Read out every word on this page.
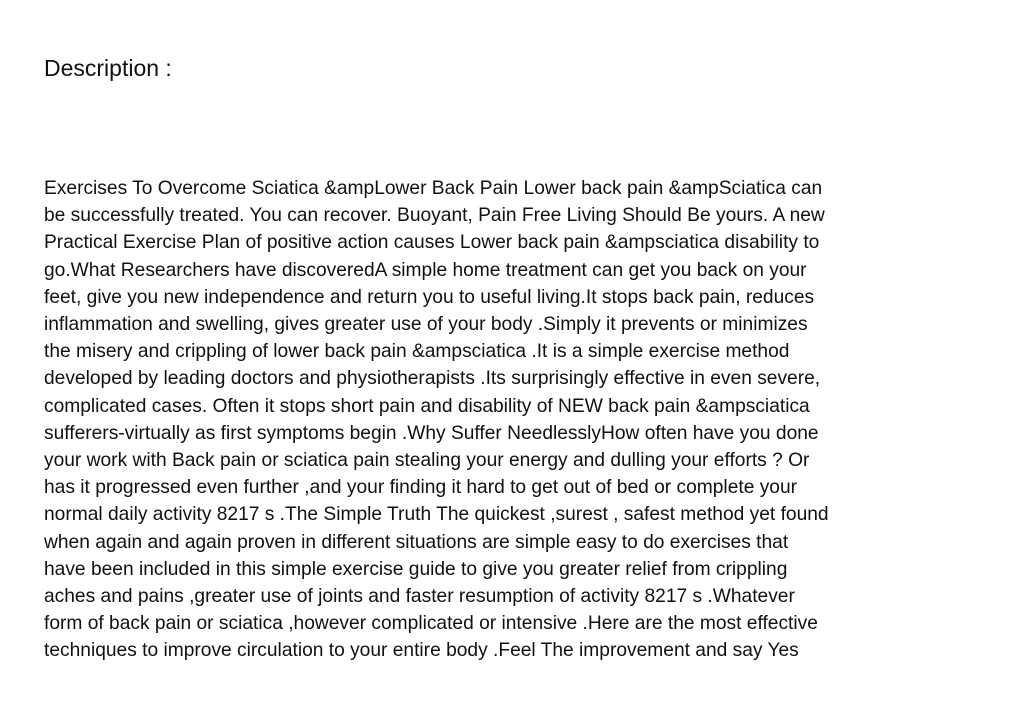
Description :
Exercises To Overcome Sciatica &ampLower Back Pain Lower back pain &ampSciatica can
be successfully treated. You can recover. Buoyant, Pain Free Living Should Be yours. A new
Practical Exercise Plan of positive action causes Lower back pain &ampsciatica disability to
go.What Researchers have discoveredA simple home treatment can get you back on your
feet, give you new independence and return you to useful living.It stops back pain, reduces
inflammation and swelling, gives greater use of your body .Simply it prevents or minimizes
the misery and crippling of lower back pain &ampsciatica .It is a simple exercise method
developed by leading doctors and physiotherapists .Its surprisingly effective in even severe,
complicated cases. Often it stops short pain and disability of NEW back pain &ampsciatica
sufferers-virtually as first symptoms begin .Why Suffer NeedlesslyHow often have you done
your work with Back pain or sciatica pain stealing your energy and dulling your efforts ? Or
has it progressed even further ,and your finding it hard to get out of bed or complete your
normal daily activity 8217 s .The Simple Truth The quickest ,surest , safest method yet found
when again and again proven in different situations are simple easy to do exercises that
have been included in this simple exercise guide to give you greater relief from crippling
aches and pains ,greater use of joints and faster resumption of activity 8217 s .Whatever
form of back pain or sciatica ,however complicated or intensive .Here are the most effective
techniques to improve circulation to your entire body .Feel The improvement and say Yes
